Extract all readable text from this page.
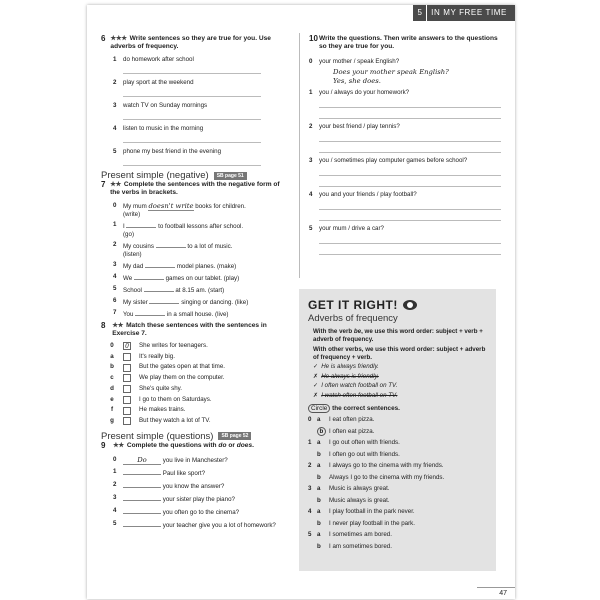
5	IN MY FREE TIME
6 ★★★ Write sentences so they are true for you. Use adverbs of frequency.
1	do homework after school
2	play sport at the weekend
3	watch TV on Sunday mornings
4	listen to music in the morning
5	phone my best friend in the evening
Present simple (negative)	SB page 51
7 ★★ Complete the sentences with the negative form of the verbs in brackets.
0	My mum doesn't write books for children.
(write)
1	I	to football lessons after school.
(go)
2	My cousins	to a lot of music.
(listen)
3	My dad	model planes. (make)
4	We	games on our tablet. (play)
5	School	at 8.15 am. (start)
6	My sister	singing or dancing. (like)
7	You	in a small house. (live)
8	★★ Match these sentences with the sentences in Exercise 7.
0	0	She writes for teenagers.
a	It's really big.
b	But the gates open at that time.
c	We play them on the computer.
d	She's quite shy.
e	I go to them on Saturdays.
f	He makes trains.
g	But they watch a lot of TV.
Present simple (questions)	SB page 52
9	★★ Complete the questions with do or does.
0	Do you live in Manchester?
1	Paul like sport?
2	you know the answer?
3	your sister play the piano?
4	you often go to the cinema?
5	your teacher give you a lot of homework?
10 Write the questions. Then write answers to the questions so they are true for you.
0	your mother / speak English?
Does your mother speak English?
Yes, she does.
1	you / always do your homework?
2	your best friend / play tennis?
3	you / sometimes play computer games before school?
4	you and your friends / play football?
5	your mum / drive a car?
GET IT RIGHT!
Adverbs of frequency
With the verb be, we use this word order: subject + verb + adverb of frequency.
With other verbs, we use this word order: subject + adverb of frequency + verb.
✓ He is always friendly.
✗ He always is friendly.
✓ I often watch football on TV.
✗ I watch often football on TV.
Circle the correct sentences.
0 a	I eat often pizza.
b I often eat pizza.
1 a	I go out often with friends.
b	I often go out with friends.
2 a	I always go to the cinema with my friends.
b	Always I go to the cinema with my friends.
3 a	Music is always great.
b	Music always is great.
4 a	I play football in the park never.
b	I never play football in the park.
5 a	I sometimes am bored.
b	I am sometimes bored.
47
